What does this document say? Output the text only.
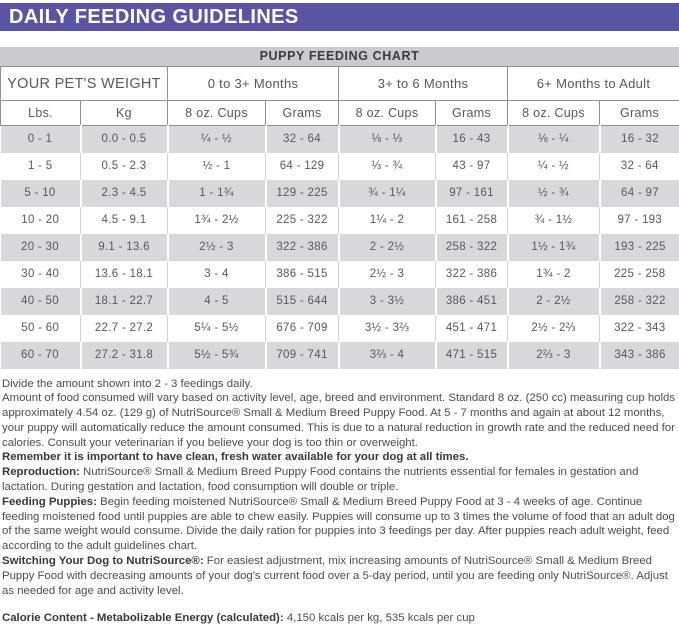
DAILY FEEDING GUIDELINES
PUPPY FEEDING CHART
YOUR PET'S WEIGHT		0 to 3+ Months		3+ to 6 Months		6+ Months to Adult	
Lbs.	Kg	8 oz. Cups	Grams	8 oz. Cups	Grams	8 oz. Cups	Grams
0 - 1	0.0 - 0.5	¼ - ½	32 - 64	⅛ - ⅓	16 - 43	⅛ - ¼	16 - 32
1 - 5	0.5 - 2.3	½ - 1	64 - 129	⅓ - ¾	43 - 97	¼ - ½	32 - 64
5 - 10	2.3 - 4.5	1 - 1¾	129 - 225	¾ - 1¼	97 - 161	½ - ¾	64 - 97
10 - 20	4.5 - 9.1	1¾ - 2½	225 - 322	1¼ - 2	161 - 258	¾ - 1½	97 - 193
20 - 30	9.1 - 13.6	2½ - 3	322 - 386	2 - 2½	258 - 322	1½ - 1¾	193 - 225
30 - 40	13.6 - 18.1	3 - 4	386 - 515	2½ - 3	322 - 386	1¾ - 2	225 - 258
40 - 50	18.1 - 22.7	4 - 5	515 - 644	3 - 3½	386 - 451	2 - 2½	258 - 322
50 - 60	22.7 - 27.2	5¼ - 5½	676 - 709	3½ - 3⅔	451 - 471	2½ - 2⅔	322 - 343
60 - 70	27.2 - 31.8	5½ - 5¾	709 - 741	3⅔ - 4	471 - 515	2⅔ - 3	343 - 386

Divide the amount shown into 2 - 3 feedings daily.

Amount of food consumed will vary based on activity level, age, breed and environment. Standard 8 oz. (250 cc) measuring cup holds approximately 4.54 oz. (129 g) of NutriSource® Small & Medium Breed Puppy Food. At 5 - 7 months and again at about 12 months, your puppy will automatically reduce the amount consumed. This is due to a natural reduction in growth rate and the reduced need for calories. Consult your veterinarian if you believe your dog is too thin or overweight.

Remember it is important to have clean, fresh water available for your dog at all times.

Reproduction: NutriSource® Small & Medium Breed Puppy Food contains the nutrients essential for females in gestation and lactation. During gestation and lactation, food consumption will double or triple.

Feeding Puppies: Begin feeding moistened NutriSource® Small & Medium Breed Puppy Food at 3 - 4 weeks of age. Continue feeding moistened food until puppies are able to chew easily. Puppies will consume up to 3 times the volume of food that an adult dog of the same weight would consume. Divide the daily ration for puppies into 3 feedings per day. After puppies reach adult weight, feed according to the adult guidelines chart.

Switching Your Dog to NutriSource®: For easiest adjustment, mix increasing amounts of NutriSource® Small & Medium Breed Puppy Food with decreasing amounts of your dog's current food over a 5-day period, until you are feeding only NutriSource®. Adjust as needed for age and activity level.

Calorie Content - Metabolizable Energy (calculated): 4,150 kcals per kg, 535 kcals per cup
